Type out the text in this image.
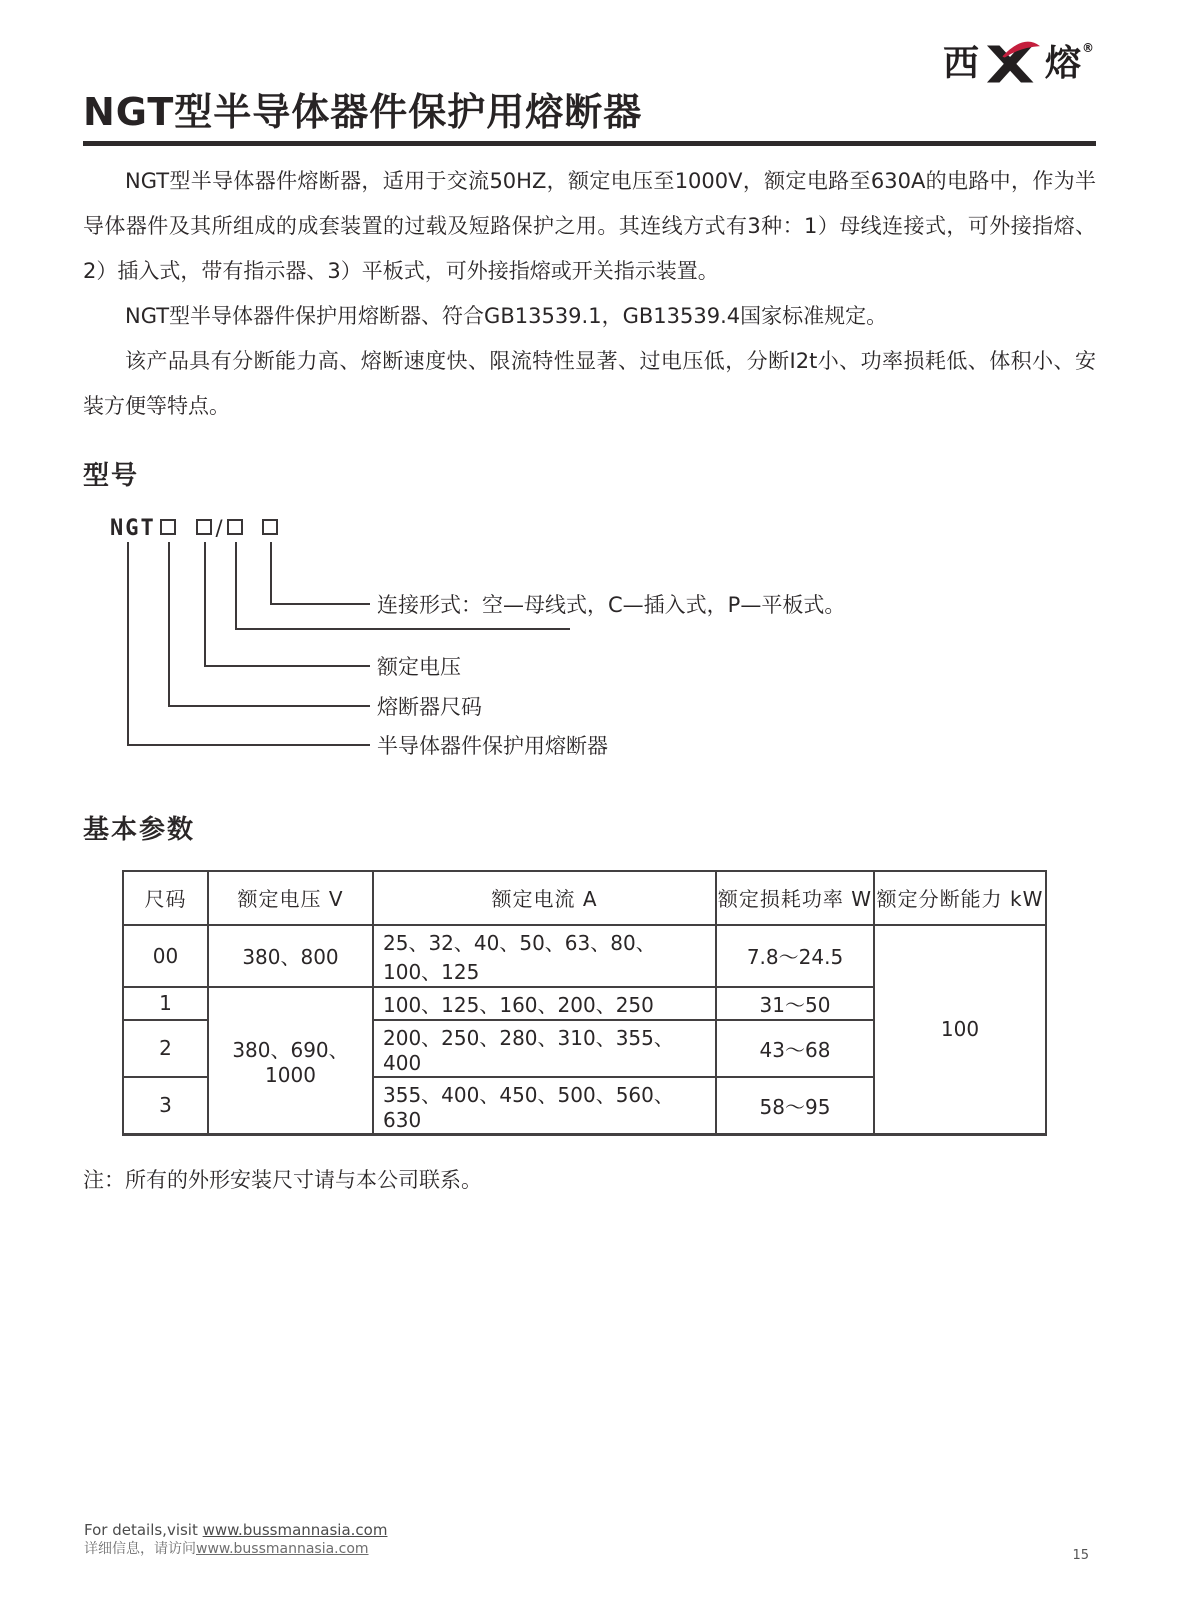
西 熔®
NGT型半导体器件保护用熔断器

NGT型半导体器件熔断器，适用于交流50HZ，额定电压至1000V，额定电路至630A的电路中，作为半导体器件及其所组成的成套装置的过载及短路保护之用。其连线方式有3种：1）母线连接式，可外接指熔、2）插入式，带有指示器、3）平板式，可外接指熔或开关指示装置。

NGT型半导体器件保护用熔断器、符合GB13539.1，GB13539.4国家标准规定。

该产品具有分断能力高、熔断速度快、限流特性显著、过电压低，分断I2t小、功率损耗低、体积小、安装方便等特点。

型号
NGT	/
连接形式：空—母线式，C—插入式，P—平板式。
额定电压
熔断器尺码
半导体器件保护用熔断器
基本参数
尺码	额定电压 V	额定电流 A	额定损耗功率 W	额定分断能力 kW
00	380、800	25、32、40、50、63、80、100、125	7.8～24.5	100
1	380、690、1000	100、125、160、200、250	31～50	
2		200、250、280、310、355、400	43～68	
3		355、400、450、500、560、630	58～95	

注：所有的外形安装尺寸请与本公司联系。

For details,visit www.bussmannasia.com
详细信息，请访问www.bussmannasia.com	15
